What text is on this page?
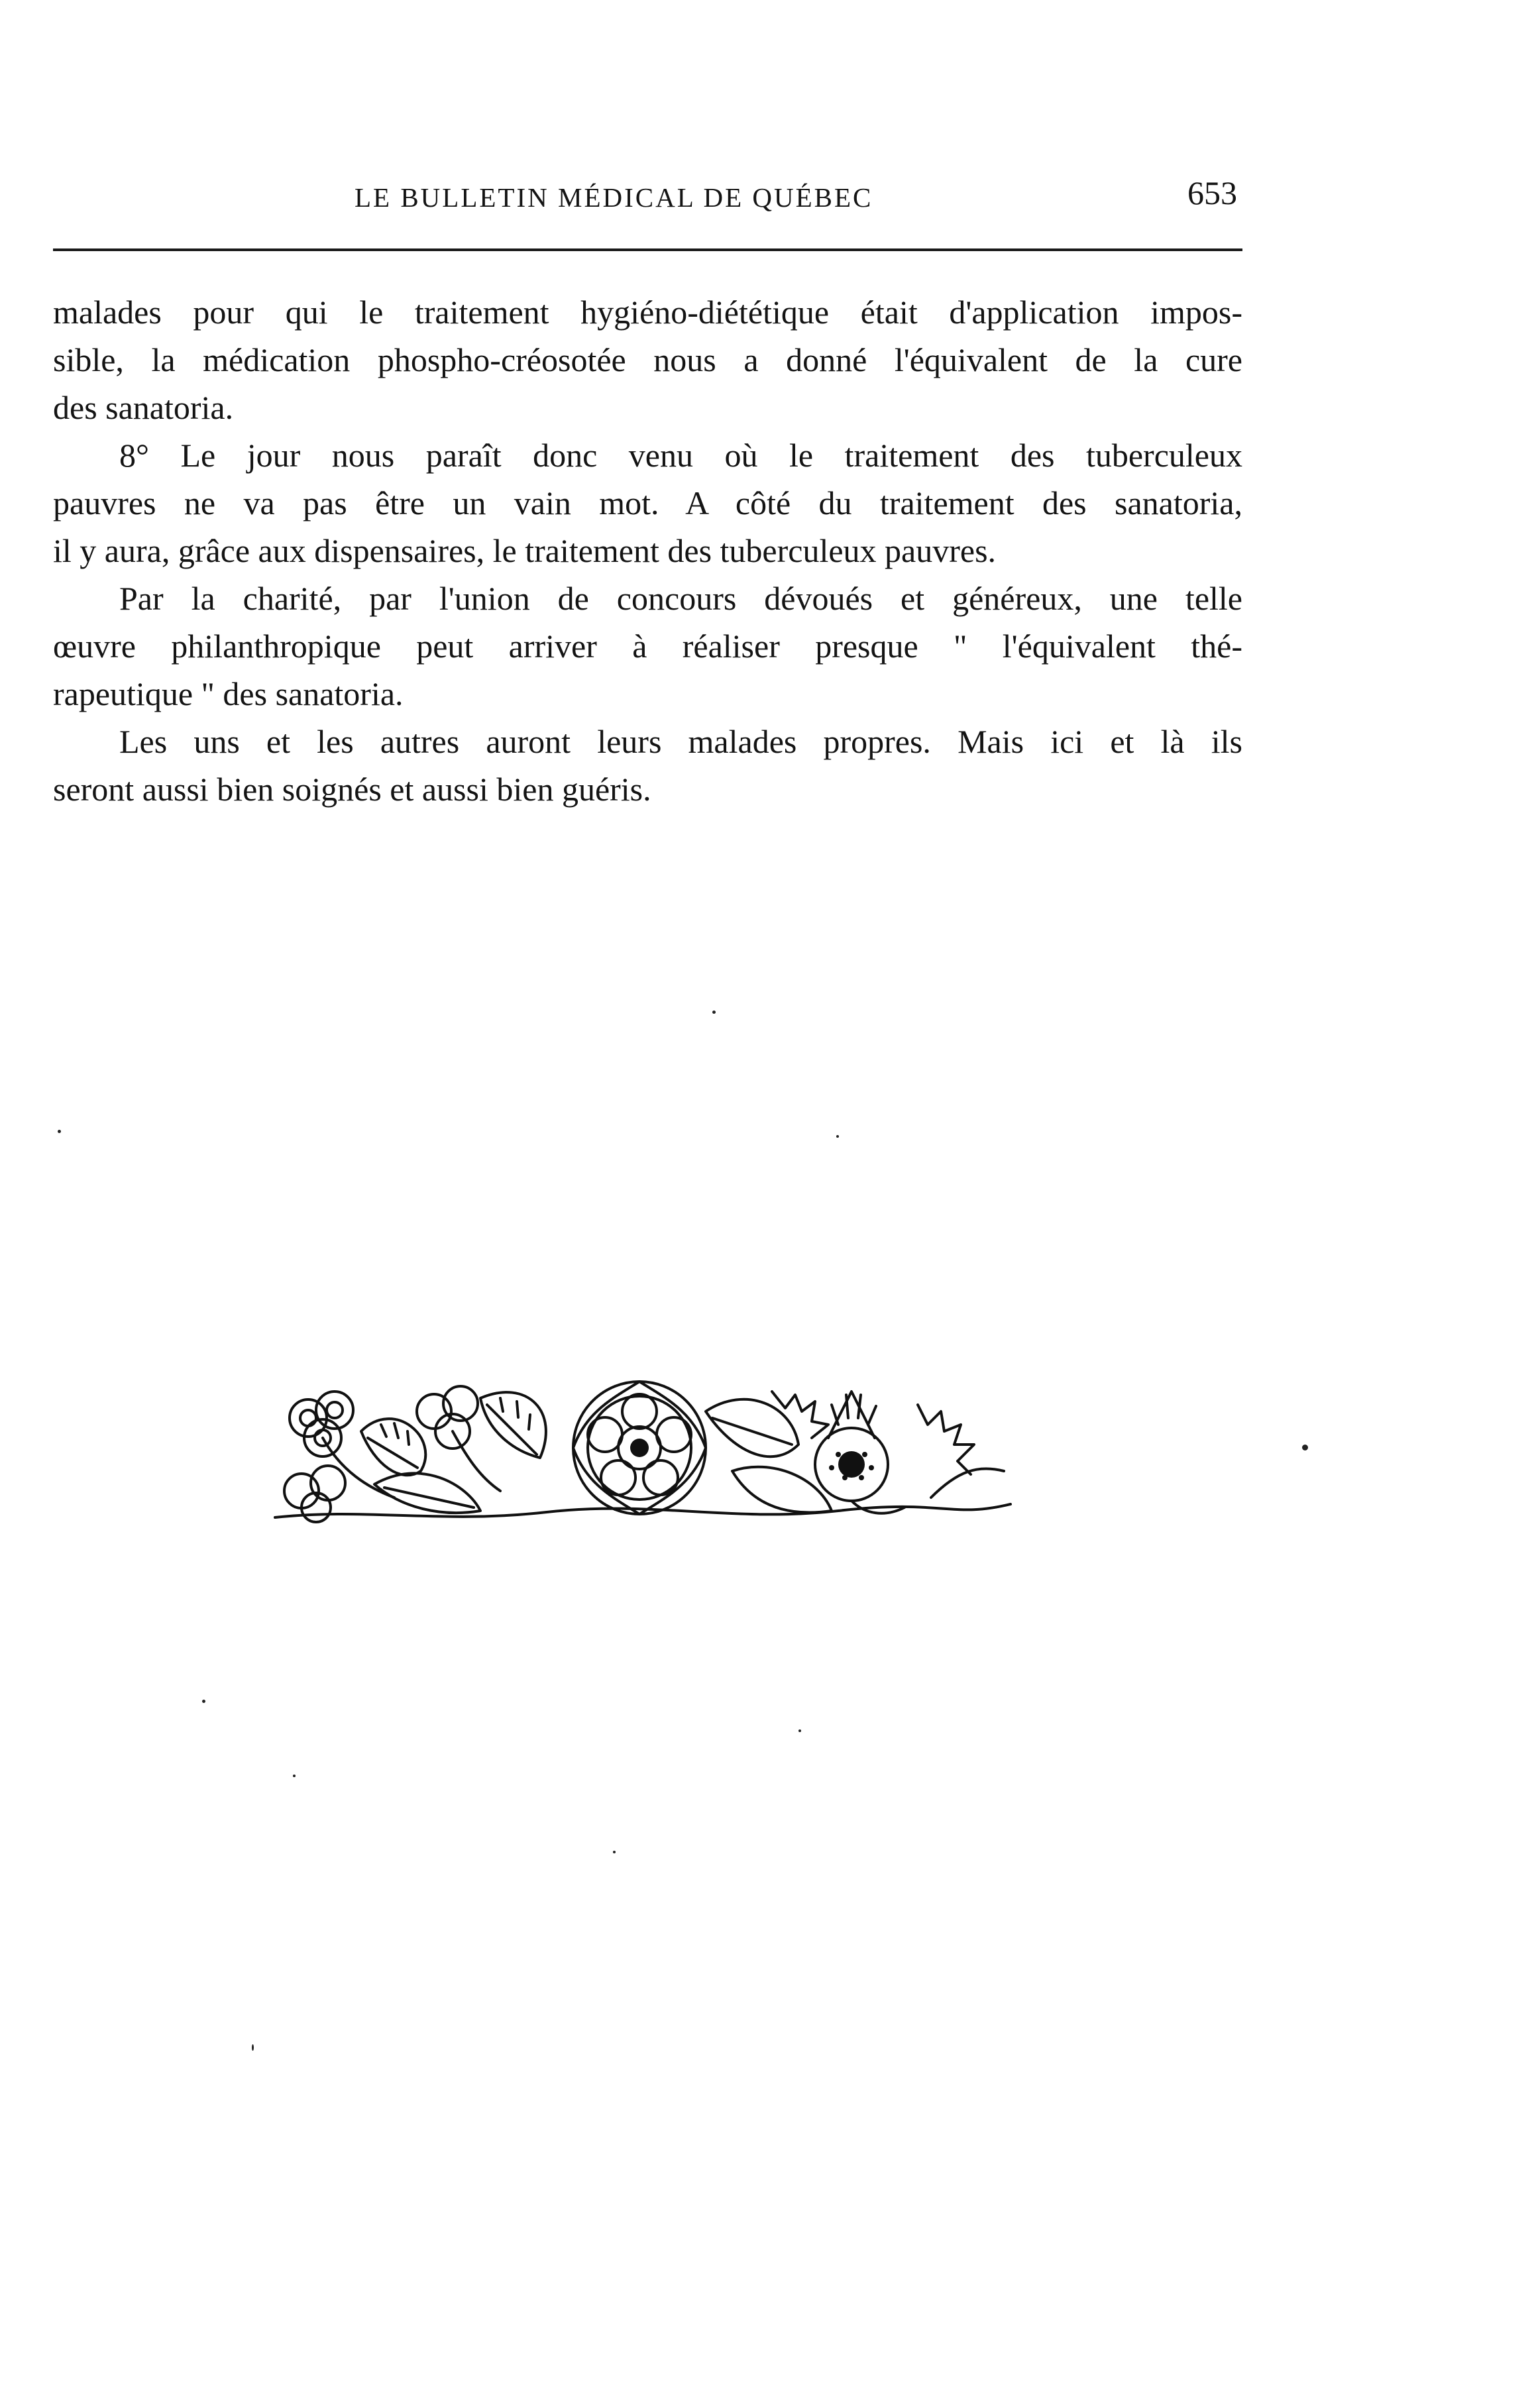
LE BULLETIN MÉDICAL DE QUÉBEC	653

malades pour qui le traitement hygiéno-diététique était d'application impos-
sible, la médication phospho-créosotée nous a donné l'équivalent de la cure
des sanatoria.

8° Le jour nous paraît donc venu où le traitement des tuberculeux
pauvres ne va pas être un vain mot. A côté du traitement des sanatoria,
il y aura, grâce aux dispensaires, le traitement des tuberculeux pauvres.

Par la charité, par l'union de concours dévoués et généreux, une telle
œuvre philanthropique peut arriver à réaliser presque " l'équivalent thé-
rapeutique " des sanatoria.

Les uns et les autres auront leurs malades propres. Mais ici et là ils
seront aussi bien soignés et aussi bien guéris.
